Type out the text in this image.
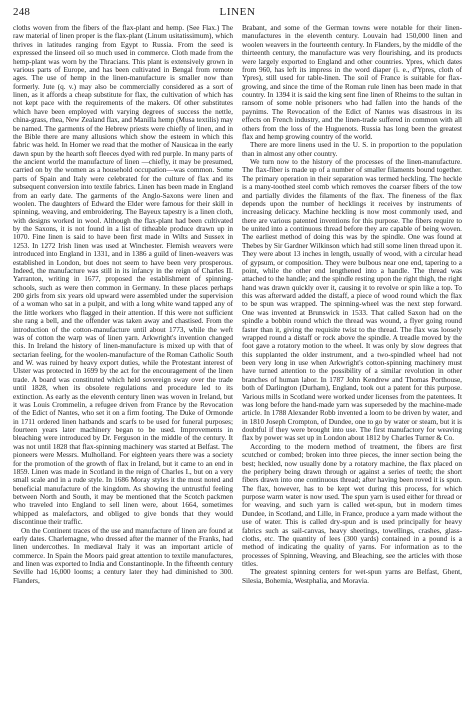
248	LINEN

cloths woven from the fibers of the flax-plant and hemp. (See Flax.) The raw material of linen proper is the flax-plant (Linum usitatissimum), which thrives in latitudes ranging from Egypt to Russia. From the seed is expressed the linseed oil so much used in commerce. Cloth made from the hemp-plant was worn by the Thracians. This plant is extensively grown in various parts of Europe, and has been cultivated in Bengal from remote ages. The use of hemp in the linen-manufacture is smaller now than formerly. Jute (q. v.) may also be commercially considered as a sort of linen, as it affords a cheap substitute for flax, the cultivation of which has not kept pace with the requirements of the makers. Of other substitutes which have been employed with varying degrees of success the nettle, china-grass, rhea, New Zealand flax, and Manilla hemp (Musa textilis) may be named. The garments of the Hebrew priests were chiefly of linen, and in the Bible there are many allusions which show the esteem in which this fabric was held. In Homer we read that the mother of Nausicaa in the early dawn spun by the hearth soft fleeces dyed with red purple. In many parts of the ancient world the manufacture of linen —chiefly, it may be presumed, carried on by the women as a household occupation—was common. Some parts of Spain and Italy were celebrated for the culture of flax and its subsequent conversion into textile fabrics. Linen has been made in England from an early date. The garments of the Anglo-Saxons were linen and woolen. The daughters of Edward the Elder were famous for their skill in spinning, weaving, and embroidering. The Bayeux tapestry is a linen cloth, with designs worked in wool. Although the flax-plant had been cultivated by the Saxons, it is not found in a list of titheable produce drawn up in 1070. Fine linen is said to have been first made in Wilts and Sussex in 1253. In 1272 Irish linen was used at Winchester. Flemish weavers were introduced into England in 1331, and in 1386 a guild of linen-weavers was established in London, but does not seem to have been very prosperous. Indeed, the manufacture was still in its infancy in the reign of Charles II. Yarranton, writing in 1677, proposed the establishment of spinning-schools, such as were then common in Germany. In these places perhaps 200 girls from six years old upward were assembled under the supervision of a woman who sat in a pulpit, and with a long white wand tapped any of the little workers who flagged in their attention. If this were not sufficient she rang a bell, and the offender was taken away and chastised. From the introduction of the cotton-manufacture until about 1773, while the weft was of cotton the warp was of linen yarn. Arkwright's invention changed this. In Ireland the history of linen-manufacture is mixed up with that of sectarian feeling, for the woolen-manufacture of the Roman Catholic South and W. was ruined by heavy export duties, while the Protestant interest of Ulster was protected in 1699 by the act for the encouragement of the linen trade. A board was constituted which held sovereign sway over the trade until 1828, when its obsolete regulations and procedure led to its extinction. As early as the eleventh century linen was woven in Ireland, but it was Louis Crommelin, a refugee driven from France by the Revocation of the Edict of Nantes, who set it on a firm footing. The Duke of Ormonde in 1711 ordered linen hatbands and scarfs to be used for funeral purposes; fourteen years later machinery began to be used. Improvements in bleaching were introduced by Dr. Ferguson in the middle of the century. It was not until 1828 that flax-spinning machinery was started at Belfast. The pioneers were Messrs. Mulholland. For eighteen years there was a society for the promotion of the growth of flax in Ireland, but it came to an end in 1859. Linen was made in Scotland in the reign of Charles I., but on a very small scale and in a rude style. In 1686 Moray styles it the most noted and beneficial manufacture of the kingdom. As showing the untrustful feeling between North and South, it may be mentioned that the Scotch packmen who traveled into England to sell linen were, about 1664, sometimes whipped as malefactors, and obliged to give bonds that they would discontinue their traffic.

On the Continent traces of the use and manufacture of linen are found at early dates. Charlemagne, who dressed after the manner of the Franks, had linen undercothes. In mediæval Italy it was an important article of commerce. In Spain the Moors paid great attention to textile manufactures, and linen was exported to India and Constantinople. In the fifteenth century Seville had 16,000 looms; a century later they had diminished to 300. Flanders,

Brabant, and some of the German towns were notable for their linen-manufactures in the eleventh century. Louvain had 150,000 linen and woolen weavers in the fourteenth century. In Flanders, by the middle of the thirteenth century, the manufacture was very flourishing, and its products were largely exported to England and other countries. Ypres, which dates from 960, has left its impress in the word diaper (i. e., d'Ypres, cloth of Ypres), still used for table-linen. The soil of France is suitable for flax-growing, and since the time of the Roman rule linen has been made in that country. In 1394 it is said the king sent fine linen of Rheims to the sultan in ransom of some noble prisoners who had fallen into the hands of the paynims. The Revocation of the Edict of Nantes was disastrous in its effects on French industry, and the linen-trade suffered in common with all others from the loss of the Huguenots. Russia has long been the greatest flax and hemp growing country of the world.

There are more linens used in the U. S. in proportion to the population than in almost any other country.

We turn now to the history of the processes of the linen-manufacture. The flax-fiber is made up of a number of smaller filaments bound together. The primary operation in their separation was termed heckling. The heckle is a many-toothed steel comb which removes the coarser fibers of the tow and partially divides the filaments of the flax. The fineness of the flax depends upon the number of hecklings it receives by instruments of increasing delicacy. Machine heckling is now most commonly used, and there are various patented inventions for this purpose. The fibers require to be united into a continuous thread before they are capable of being woven. The earliest method of doing this was by the spindle. One was found at Thebes by Sir Gardner Wilkinson which had still some linen thread upon it. They were about 13 inches in length, usually of wood, with a circular head of gypsum, or composition. They were bulbous near one end, tapering to a point, while the other end lengthened into a handle. The thread was attached to the handle; and the spindle resting upon the right thigh, the right hand was drawn quickly over it, causing it to revolve or spin like a top. To this was afterward added the distaff, a piece of wood round which the flax to be spun was wrapped. The spinning-wheel was the next step forward. One was invented at Brunswick in 1533. That called Saxon had on the spindle a bobbin round which the thread was wound, a flyer going round faster than it, giving the requisite twist to the thread. The flax was loosely wrapped round a distaff or rock above the spindle. A treadle moved by the foot gave a rotatory motion to the wheel. It was only by slow degrees that this supplanted the older instrument, and a two-spindled wheel had not been very long in use when Arkwright's cotton-spinning machinery must have turned attention to the possibility of a similar revolution in other branches of human labor. In 1787 John Kendrew and Thomas Porthouse, both of Darlington (Durham), England, took out a patent for this purpose. Various mills in Scotland were worked under licenses from the patentees. It was long before the hand-made yarn was superseded by the machine-made article. In 1788 Alexander Robb invented a loom to be driven by water, and in 1810 Joseph Crompton, of Dundee, one to go by water or steam, but it is doubtful if they were brought into use. The first manufactory for weaving flax by power was set up in London about 1812 by Charles Turner & Co.

According to the modern method of treatment, the fibers are first scutched or combed; broken into three pieces, the inner section being the best; heckled, now usually done by a rotatory machine, the flax placed on the periphery being drawn through or against a series of teeth; the short fibers drawn into one continuous thread; after having been roved it is spun. The flax, however, has to be kept wet during this process, for which purpose warm water is now used. The spun yarn is used either for thread or for weaving, and such yarn is called wet-spun, but in modern times Dundee, in Scotland, and Lille, in France, produce a yarn made without the use of water. This is called dry-spun and is used principally for heavy fabrics such as sail-canvas, heavy sheetings, towellings, crashes, glass-cloths, etc. The quantity of lees (300 yards) contained in a pound is a method of indicating the quality of yarns. For information as to the processes of Spinning, Weaving, and Bleaching, see the articles with those titles.

The greatest spinning centers for wet-spun yarns are Belfast, Ghent, Silesia, Bohemia, Westphalia, and Moravia.
